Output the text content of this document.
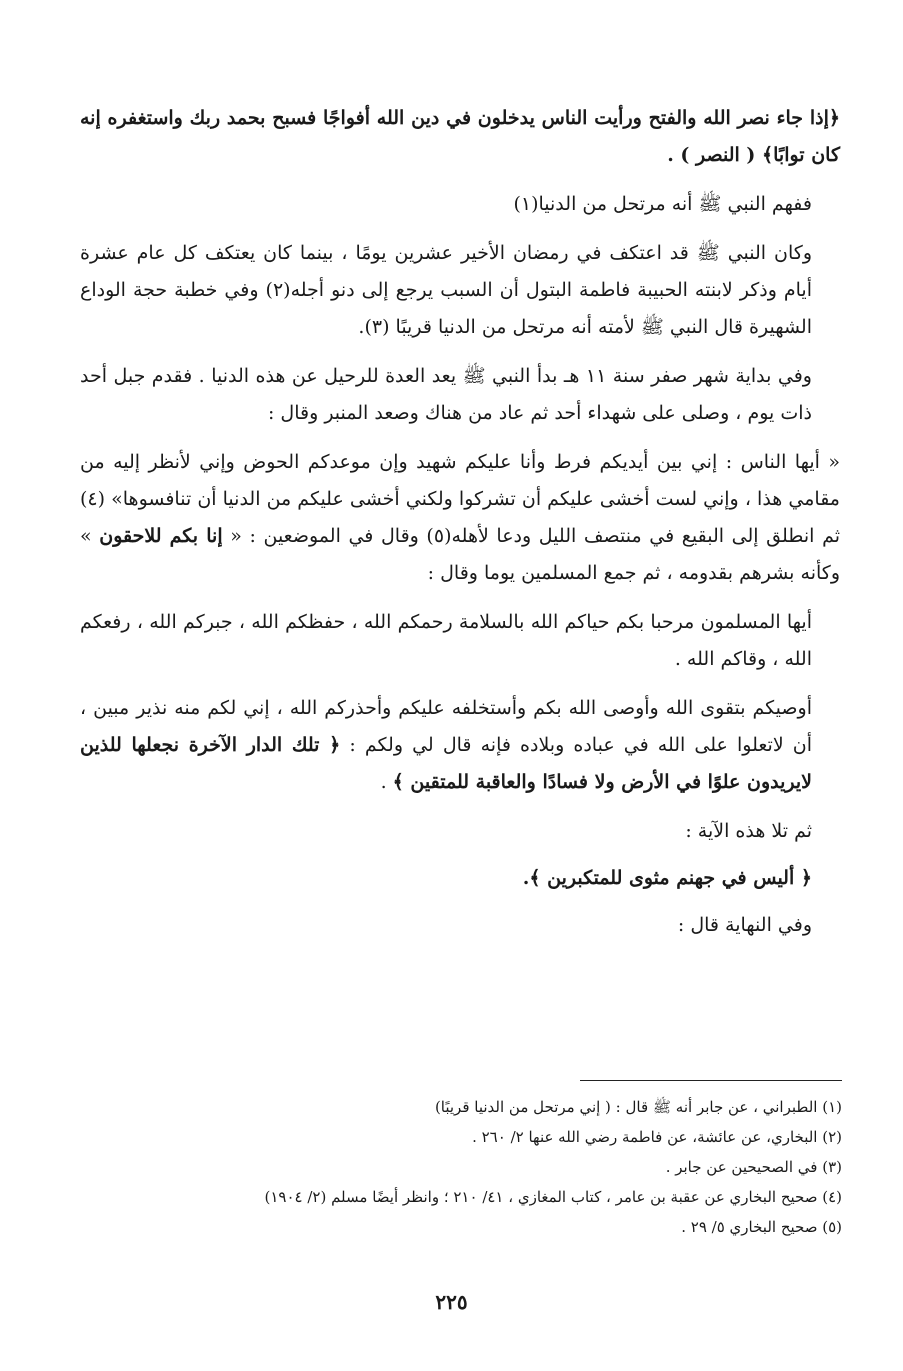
﴿إذا جاء نصر الله والفتح ورأيت الناس يدخلون في دين الله أفواجًا فسبح بحمد ربك واستغفره إنه كان توابًا﴾ ( النصر ) .

ففهم النبي ﷺ أنه مرتحل من الدنيا(١)

وكان النبي ﷺ قد اعتكف في رمضان الأخير عشرين يومًا ، بينما كان يعتكف كل عام عشرة أيام وذكر لابنته الحبيبة فاطمة البتول أن السبب يرجع إلى دنو أجله(٢) وفي خطبة حجة الوداع الشهيرة قال النبي ﷺ لأمته أنه مرتحل من الدنيا قريبًا (٣).

وفي بداية شهر صفر سنة ١١ هـ بدأ النبي ﷺ يعد العدة للرحيل عن هذه الدنيا . فقدم جبل أحد ذات يوم ، وصلى على شهداء أحد ثم عاد من هناك وصعد المنبر وقال :

« أيها الناس : إني بين أيديكم فرط وأنا عليكم شهيد وإن موعدكم الحوض وإني لأنظر إليه من مقامي هذا ، وإني لست أخشى عليكم أن تشركوا ولكني أخشى عليكم من الدنيا أن تنافسوها» (٤) ثم انطلق إلى البقيع في منتصف الليل ودعا لأهله(٥) وقال في الموضعين : « إنا بكم للاحقون » وكأنه بشرهم بقدومه ، ثم جمع المسلمين يوما وقال :

أيها المسلمون مرحبا بكم حياكم الله بالسلامة رحمكم الله ، حفظكم الله ، جبركم الله ، رفعكم الله ، وقاكم الله .

أوصيكم بتقوى الله وأوصى الله بكم وأستخلفه عليكم وأحذركم الله ، إني لكم منه نذير مبين ، أن لاتعلوا على الله في عباده وبلاده فإنه قال لي ولكم : ﴿ تلك الدار الآخرة نجعلها للذين لايريدون علوًا في الأرض ولا فسادًا والعاقبة للمتقين ﴾ .

ثم تلا هذه الآية :

﴿ أليس في جهنم مثوى للمتكبرين ﴾.

وفي النهاية قال :

(١) الطبراني ، عن جابر أنه ﷺ قال : ( إني مرتحل من الدنيا قريبًا)
(٢) البخاري، عن عائشة، عن فاطمة رضي الله عنها ٢/ ٢٦٠ .
(٣) في الصحيحين عن جابر .
(٤) صحيح البخاري عن عقبة بن عامر ، كتاب المغازي ، ٤١/ ٢١٠ ؛ وانظر أيضًا مسلم (٢/ ١٩٠٤)
(٥) صحيح البخاري ٥/ ٢٩ .
٢٢٥
